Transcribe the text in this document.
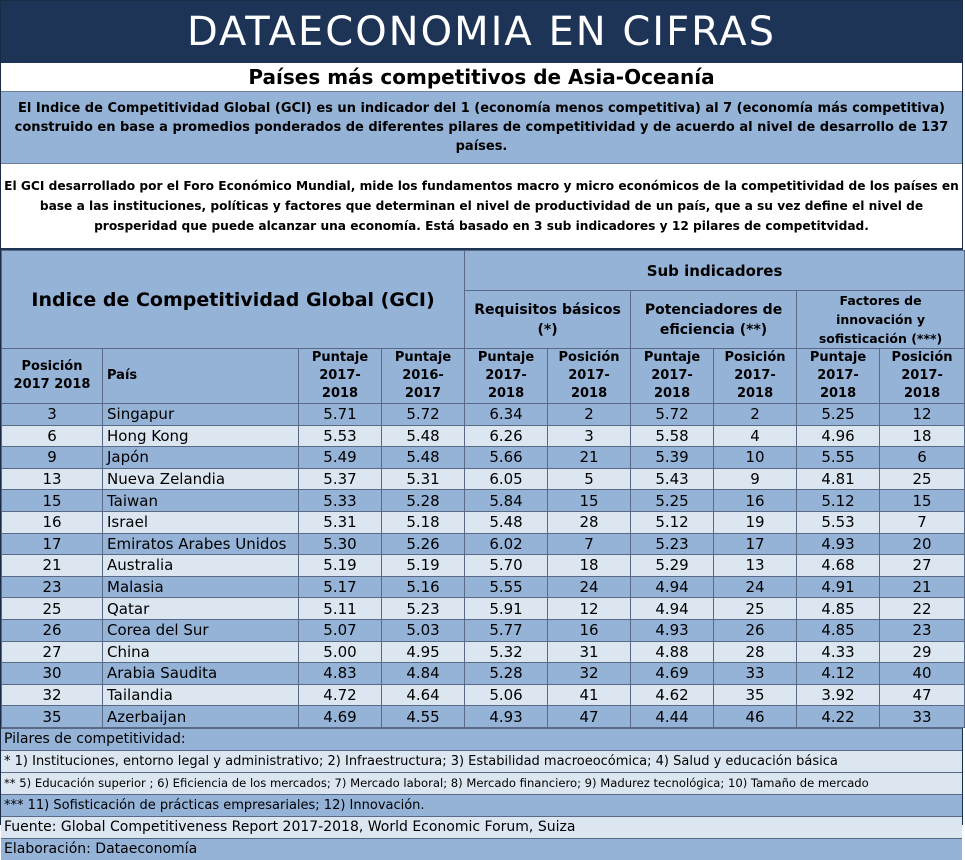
DATAECONOMIA EN CIFRAS
Países más competitivos de Asia-Oceanía
El Indice de Competitividad Global (GCI) es un indicador del 1 (economía menos competitiva) al 7 (economía más competitiva) construido en base a promedios ponderados de diferentes pilares de competitividad y de acuerdo al nivel de desarrollo de 137 países.
El GCI desarrollado por el Foro Económico Mundial, mide los fundamentos macro y micro económicos de la competitividad de los países en base a las instituciones, políticas y factores que determinan el nivel de productividad de un país, que a su vez define el nivel de prosperidad que puede alcanzar una economía. Está basado en 3 sub indicadores y 12 pilares de competitvidad.
Indice de Competitividad Global (GCI)				Sub indicadores					
				Requisitos básicos (*)		Potenciadores de eficiencia (**)		Factores de innovación y sofisticación (***)	
Posición 2017 2018	País	Puntaje 2017-2018	Puntaje 2016-2017	Puntaje 2017-2018	Posición 2017-2018	Puntaje 2017-2018	Posición 2017-2018	Puntaje 2017-2018	Posición 2017-2018
3	Singapur	5.71	5.72	6.34	2	5.72	2	5.25	12
6	Hong Kong	5.53	5.48	6.26	3	5.58	4	4.96	18
9	Japón	5.49	5.48	5.66	21	5.39	10	5.55	6
13	Nueva Zelandia	5.37	5.31	6.05	5	5.43	9	4.81	25
15	Taiwan	5.33	5.28	5.84	15	5.25	16	5.12	15
16	Israel	5.31	5.18	5.48	28	5.12	19	5.53	7
17	Emiratos Arabes Unidos	5.30	5.26	6.02	7	5.23	17	4.93	20
21	Australia	5.19	5.19	5.70	18	5.29	13	4.68	27
23	Malasia	5.17	5.16	5.55	24	4.94	24	4.91	21
25	Qatar	5.11	5.23	5.91	12	4.94	25	4.85	22
26	Corea del Sur	5.07	5.03	5.77	16	4.93	26	4.85	23
27	China	5.00	4.95	5.32	31	4.88	28	4.33	29
30	Arabia Saudita	4.83	4.84	5.28	32	4.69	33	4.12	40
32	Tailandia	4.72	4.64	5.06	41	4.62	35	3.92	47
35	Azerbaijan	4.69	4.55	4.93	47	4.44	46	4.22	33
Pilares de competitividad:
* 1) Instituciones, entorno legal y administrativo; 2) Infraestructura; 3) Estabilidad macroeocómica; 4) Salud y educación básica
** 5) Educación superior ; 6) Eficiencia de los mercados; 7) Mercado laboral; 8) Mercado financiero; 9) Madurez tecnológica; 10) Tamaño de mercado
*** 11) Sofisticación de prácticas empresariales; 12) Innovación.
Fuente: Global Competitiveness Report 2017-2018, World Economic Forum, Suiza
Elaboración: Dataeconomía
